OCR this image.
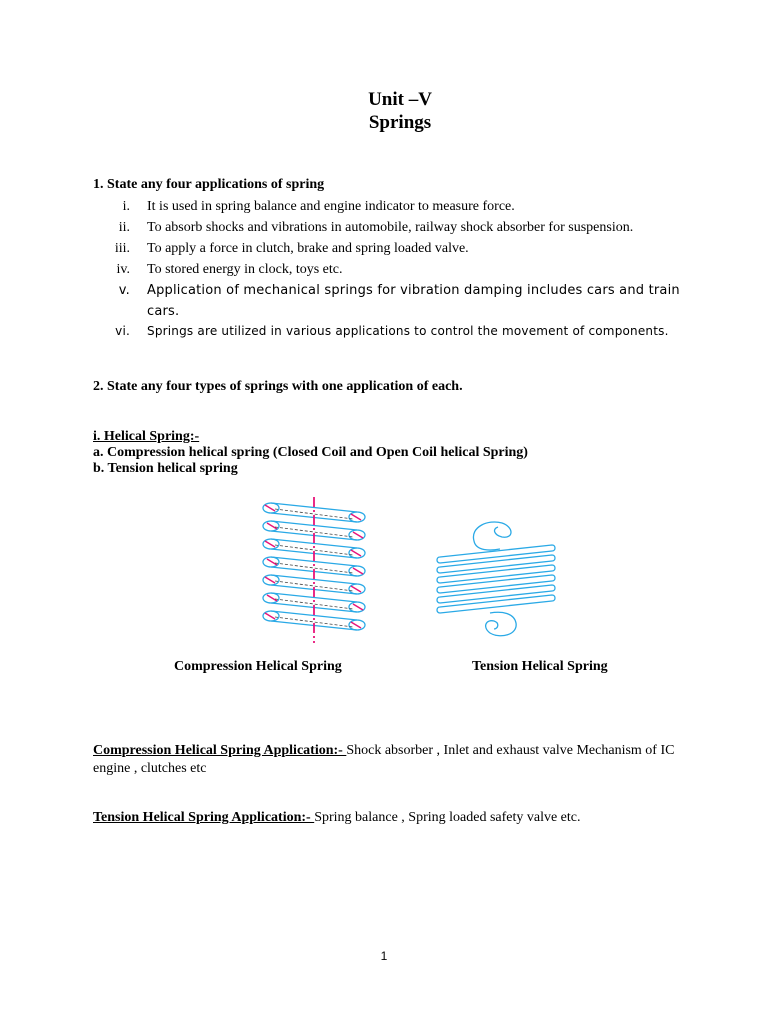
Unit –V
Springs
1. State any four applications of spring
i. It is used in spring balance and engine indicator to measure force.
ii. To absorb shocks and vibrations in automobile, railway shock absorber for suspension.
iii. To apply a force in clutch, brake and spring loaded valve.
iv. To stored energy in clock, toys etc.
v. Application of mechanical springs for vibration damping includes cars and train cars.
vi. Springs are utilized in various applications to control the movement of components.
2. State any four types of springs with one application of each.
i. Helical Spring:-
a. Compression helical spring (Closed Coil and Open Coil helical Spring)
b. Tension helical spring
Compression Helical Spring	Tension Helical Spring
Compression Helical Spring Application:- Shock absorber , Inlet and exhaust valve Mechanism of IC engine , clutches etc
Tension Helical Spring Application:- Spring balance , Spring loaded safety valve etc.
1
